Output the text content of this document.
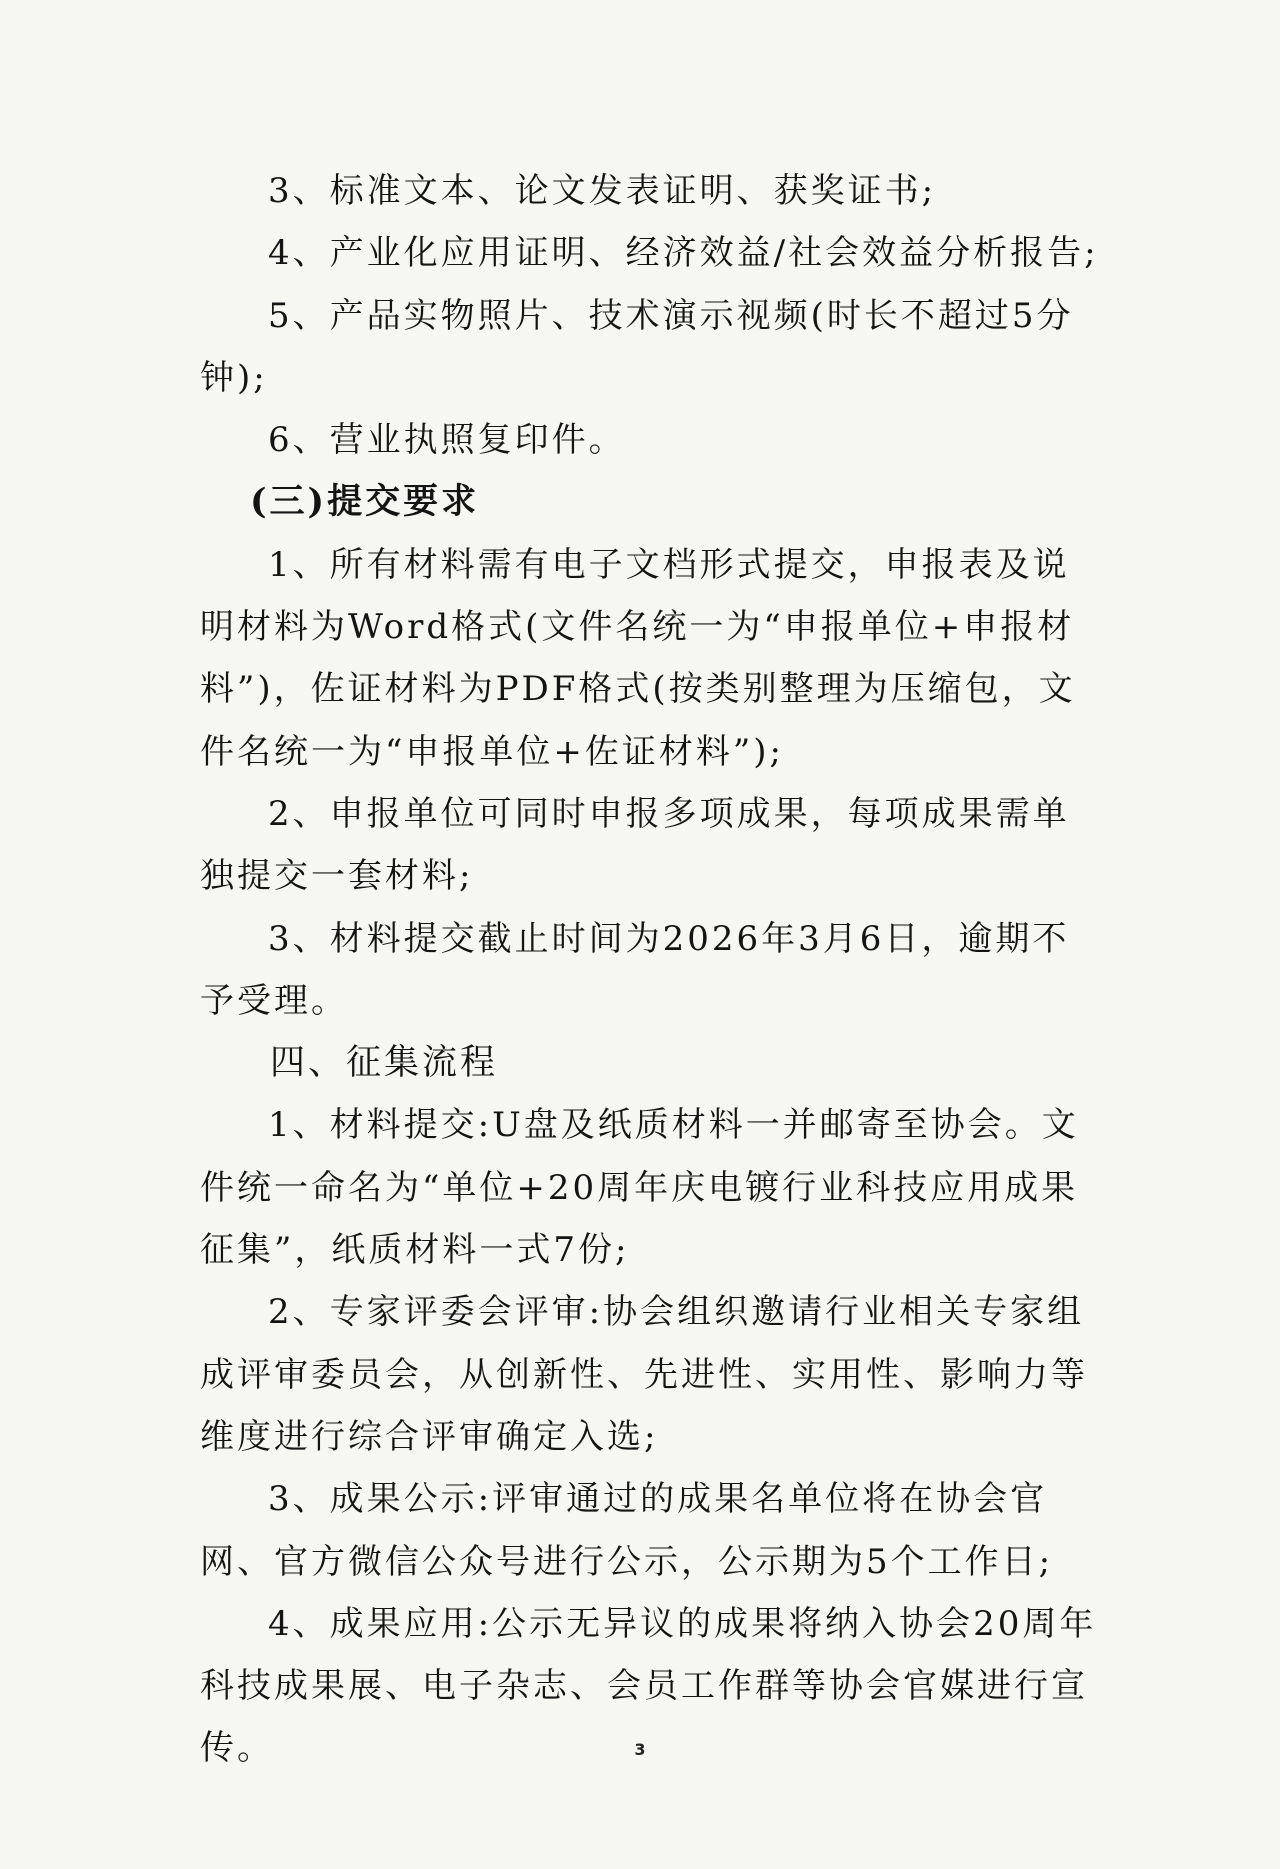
3、标准文本、论文发表证明、获奖证书;

4、产业化应用证明、经济效益/社会效益分析报告;

5、产品实物照片、技术演示视频(时长不超过5分钟);

6、营业执照复印件。

(三)提交要求

1、所有材料需有电子文档形式提交，申报表及说明材料为Word格式(文件名统一为“申报单位+申报材料”)，佐证材料为PDF格式(按类别整理为压缩包，文件名统一为“申报单位+佐证材料”);

2、申报单位可同时申报多项成果，每项成果需单独提交一套材料;

3、材料提交截止时间为2026年3月6日，逾期不予受理。

四、征集流程

1、材料提交:U盘及纸质材料一并邮寄至协会。文件统一命名为“单位+20周年庆电镀行业科技应用成果征集”，纸质材料一式7份;

2、专家评委会评审:协会组织邀请行业相关专家组成评审委员会，从创新性、先进性、实用性、影响力等维度进行综合评审确定入选;

3、成果公示:评审通过的成果名单位将在协会官网、官方微信公众号进行公示，公示期为5个工作日;

4、成果应用:公示无异议的成果将纳入协会20周年科技成果展、电子杂志、会员工作群等协会官媒进行宣传。	3
